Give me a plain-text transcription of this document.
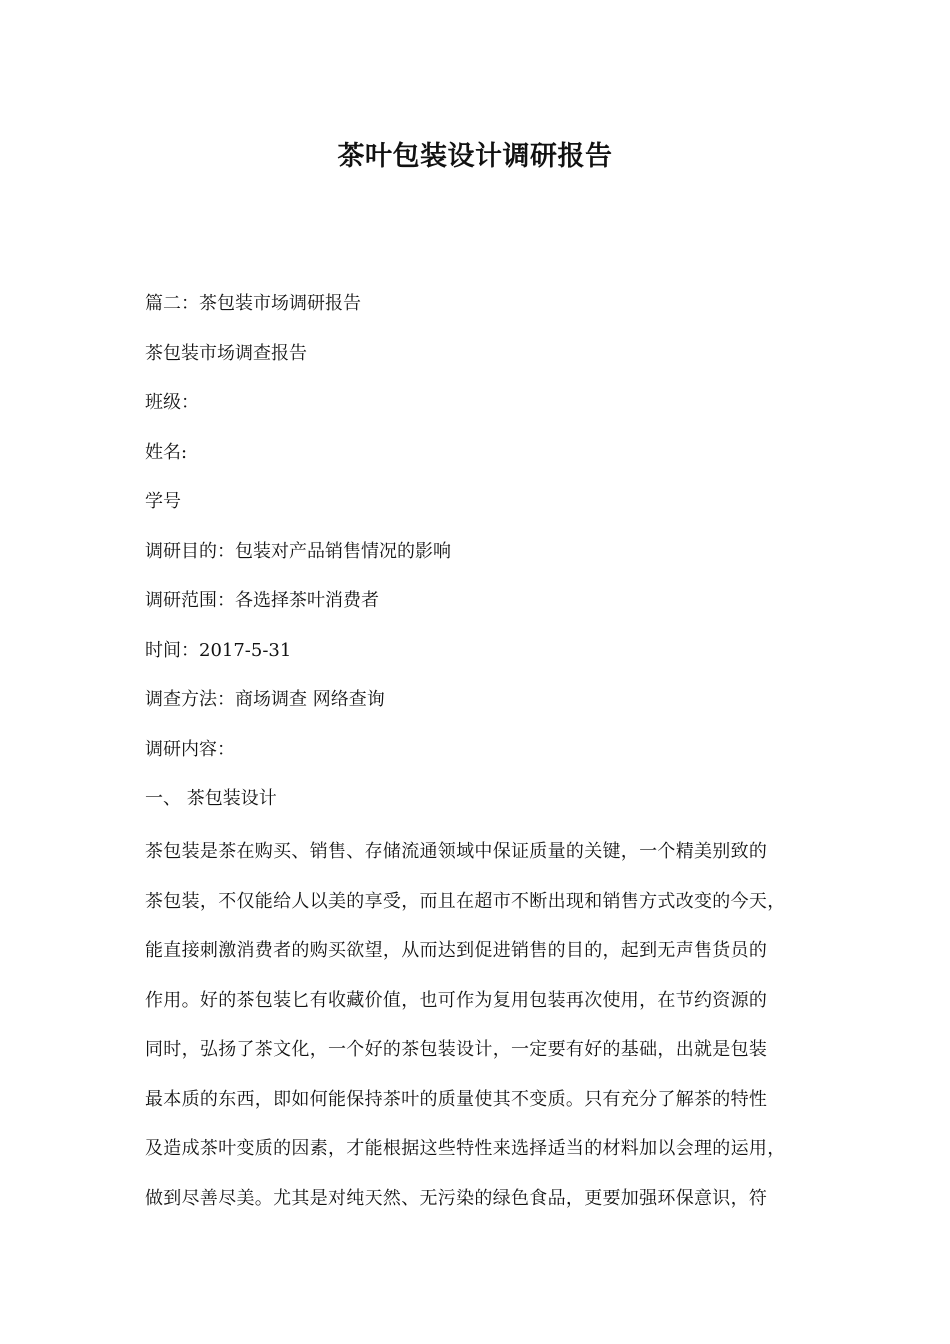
茶叶包装设计调研报告
篇二：茶包装市场调研报告
茶包装市场调查报告
班级：
姓名:
学号
调研目的：包装对产品销售情况的影响
调研范围：各选择茶叶消费者
时间：2017-5-31
调查方法：商场调查 网络查询
调研内容：
一、 茶包装设计
茶包装是茶在购买、销售、存储流通领域中保证质量的关键，一个精美别致的
茶包装，不仅能给人以美的享受，而且在超市不断出现和销售方式改变的今天，
能直接刺激消费者的购买欲望，从而达到促进销售的目的，起到无声售货员的
作用。好的茶包装匕有收藏价值，也可作为复用包装再次使用，在节约资源的
同时，弘扬了茶文化，一个好的茶包装设计，一定要有好的基础，出就是包装
最本质的东西，即如何能保持茶叶的质量使其不变质。只有充分了解茶的特性
及造成茶叶变质的因素，才能根据这些特性来选择适当的材料加以会理的运用，
做到尽善尽美。尤其是对纯天然、无污染的绿色食品，更要加强环保意识，符
